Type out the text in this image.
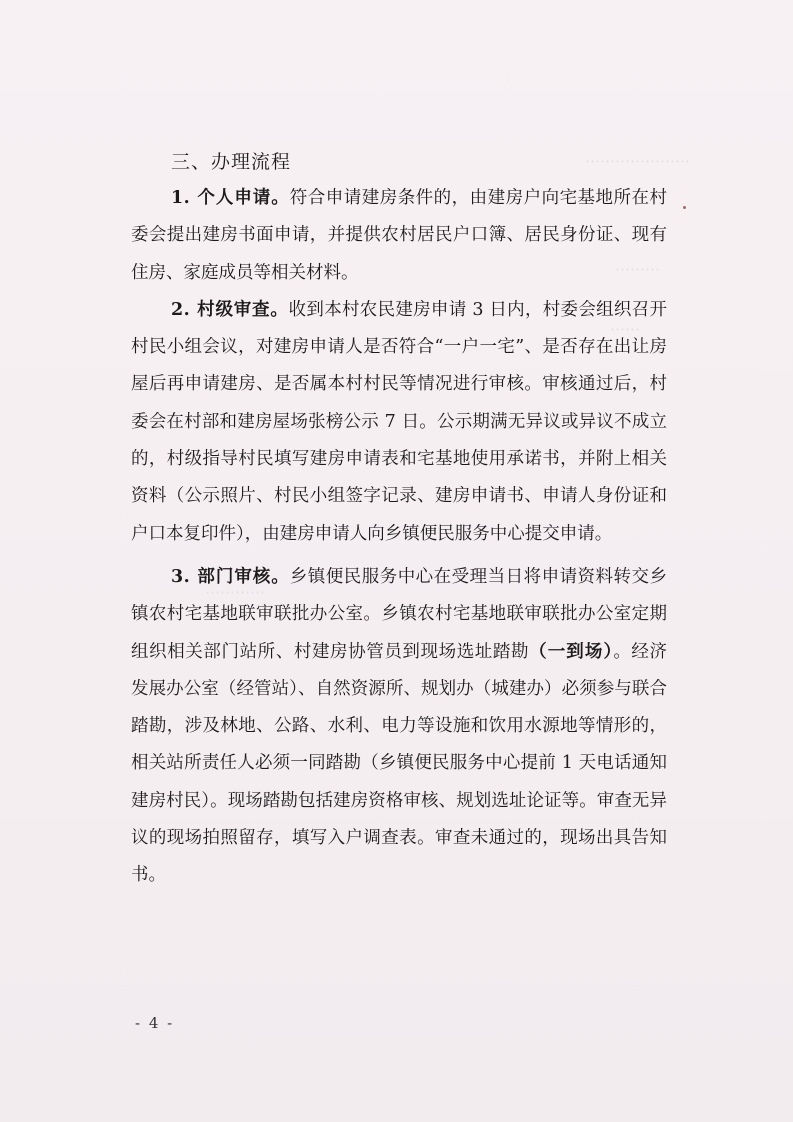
⋯⋯⋯⋯⋯⋯⋯
⋯⋯⋯
⋯⋯
⋯⋯⋯⋯
三、办理流程

1. 个人申请。符合申请建房条件的，由建房户向宅基地所在村委会提出建房书面申请，并提供农村居民户口簿、居民身份证、现有住房、家庭成员等相关材料。

2. 村级审查。收到本村农民建房申请 3 日内，村委会组织召开村民小组会议，对建房申请人是否符合“一户一宅”、是否存在出让房屋后再申请建房、是否属本村村民等情况进行审核。审核通过后，村委会在村部和建房屋场张榜公示 7 日。公示期满无异议或异议不成立的，村级指导村民填写建房申请表和宅基地使用承诺书，并附上相关资料（公示照片、村民小组签字记录、建房申请书、申请人身份证和户口本复印件），由建房申请人向乡镇便民服务中心提交申请。

3. 部门审核。乡镇便民服务中心在受理当日将申请资料转交乡镇农村宅基地联审联批办公室。乡镇农村宅基地联审联批办公室定期组织相关部门站所、村建房协管员到现场选址踏勘（一到场）。经济发展办公室（经管站）、自然资源所、规划办（城建办）必须参与联合踏勘，涉及林地、公路、水利、电力等设施和饮用水源地等情形的，相关站所责任人必须一同踏勘（乡镇便民服务中心提前 1 天电话通知建房村民）。现场踏勘包括建房资格审核、规划选址论证等。审查无异议的现场拍照留存，填写入户调查表。审查未通过的，现场出具告知书。

- 4 -
